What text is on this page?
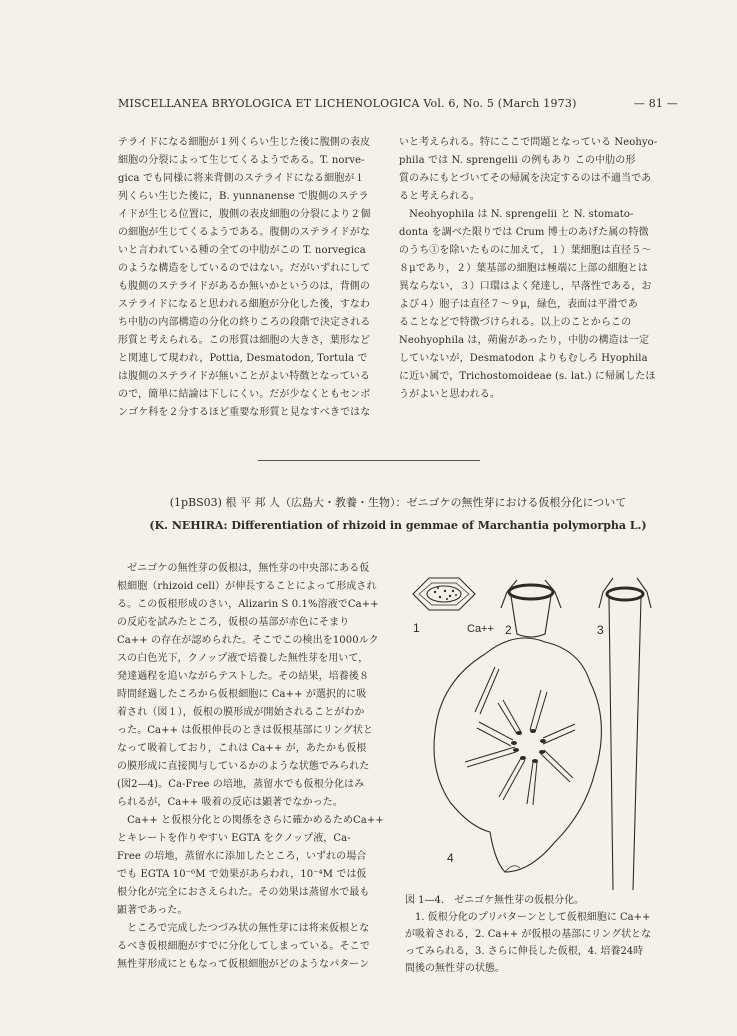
MISCELLANEA BRYOLOGICA ET LICHENOLOGICA Vol. 6, No. 5 (March 1973)	— 81 —

テライドになる細胞が１列くらい生じた後に腹側の表皮

細胞の分裂によって生じてくるようである。T. norve-

gica でも同様に将来背側のステライドになる細胞が１

列くらい生じた後に，B. yunnanense で腹側のステラ

イドが生じる位置に，腹側の表皮細胞の分裂により２個

の細胞が生じてくるようである。腹側のステライドがな

いと言われている種の全ての中肋がこの T. norvegica

のような構造をしているのではない。だがいずれにして

も腹側のステライドがあるか無いかというのは，背側の

ステライドになると思われる細胞が分化した後，すなわ

ち中肋の内部構造の分化の終りころの段階で決定される

形質と考えられる。この形質は細胞の大きさ，葉形など

と関連して現われ，Pottia, Desmatodon, Tortula で

は腹側のステライドが無いことがよい特徴となっている

ので，簡単に結論は下しにくい。だが少なくともセンボ

ンゴケ科を２分するほど重要な形質と見なすべきではな

いと考えられる。特にここで問題となっている Neohyo-

phila では N. sprengelii の例もあり この中肋の形

質のみにもとづいてその帰属を決定するのは不適当であ

ると考えられる。

　Neohyophila は N. sprengelii と N. stomato-

donta を調べた限りでは Crum 博士のあげた属の特徴

のうち①を除いたものに加えて，１）葉細胞は直径５～

８μであり，２）葉基部の細胞は極端に上部の細胞とは

異ならない，３）口環はよく発達し，早落性である，お

よび４）胞子は直径７～９μ，緑色，表面は平滑であ

ることなどで特徴づけられる。以上のことからこの

Neohyophila は，蒴歯があったり，中肋の構造は一定

していないが，Desmatodon よりもむしろ Hyophila

に近い属で，Trichostomoideae (s. lat.) に帰属したほ

うがよいと思われる。

(1pBS03) 根 平 邦 人（広島大・教養・生物）：ゼニゴケの無性芽における仮根分化について
(K. NEHIRA: Differentiation of rhizoid in gemmae of Marchantia polymorpha L.)

　ゼニゴケの無性芽の仮根は，無性芽の中央部にある仮

根細胞（rhizoid cell）が伸長することによって形成され

る。この仮根形成のさい，Alizarin S 0.1%溶液でCa++

の反応を試みたところ，仮根の基部が赤色にそまり

Ca++ の存在が認められた。そこでこの検出を1000ルク

スの白色光下，クノップ液で培養した無性芽を用いて，

発達過程を追いながらテストした。その結果，培養後８

時間経過したころから仮根細胞に Ca++ が選択的に吸

着され（図１），仮根の膜形成が開始されることがわか

った。Ca++ は仮根伸長のときは仮根基部にリング状と

なって吸着しており，これは Ca++ が，あたかも仮根

の膜形成に直接関与しているかのような状態でみられた

(図2—4)。Ca-Free の培地，蒸留水でも仮根分化はみ

られるが，Ca++ 吸着の反応は顕著でなかった。

　Ca++ と仮根分化との関係をさらに確かめるためCa++

とキレートを作りやすい EGTA をクノップ液，Ca-

Free の培地，蒸留水に添加したところ，いずれの場合

でも EGTA 10⁻⁶M で効果があらわれ，10⁻⁴M では仮

根分化が完全におさえられた。その効果は蒸留水で最も

顕著であった。

　ところで完成したつづみ状の無性芽には将来仮根とな

るべき仮根細胞がすでに分化してしまっている。そこで

無性芽形成にともなって仮根細胞がどのようなパターン

1	Ca++ 2	3
4

図 1—4.　ゼニゴケ無性芽の仮根分化。

　1. 仮根分化のプリパターンとして仮根細胞に Ca++

が吸着される，2. Ca++ が仮根の基部にリング状とな

ってみられる，3. さらに伸長した仮根，4. 培養24時

間後の無性芽の状態。
